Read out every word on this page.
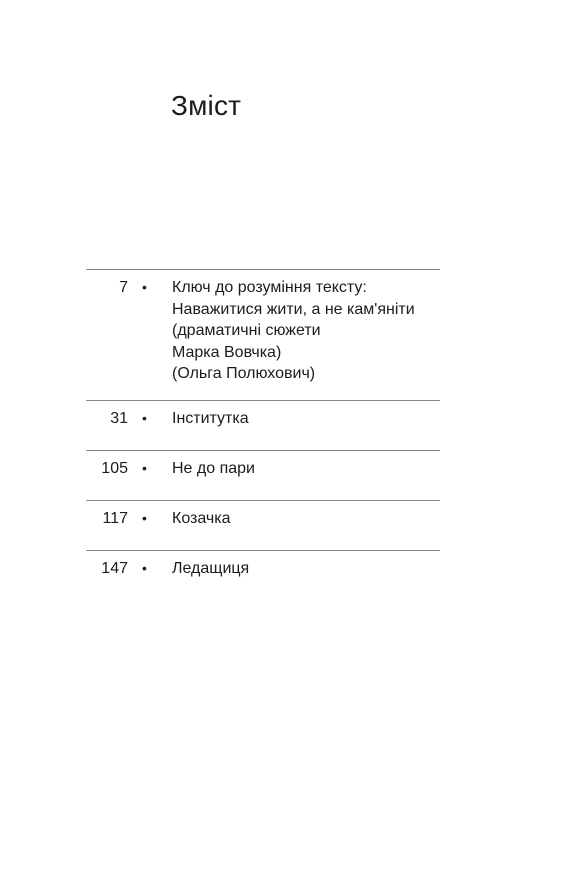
Зміст
7 • Ключ до розуміння тексту:
Наважитися жити, а не кам'яніти
(драматичні сюжети
Марка Вовчка)
(Ольга Полюхович)
31 • Інститутка
105 • Не до пари
117 • Козачка
147 • Ледащиця
